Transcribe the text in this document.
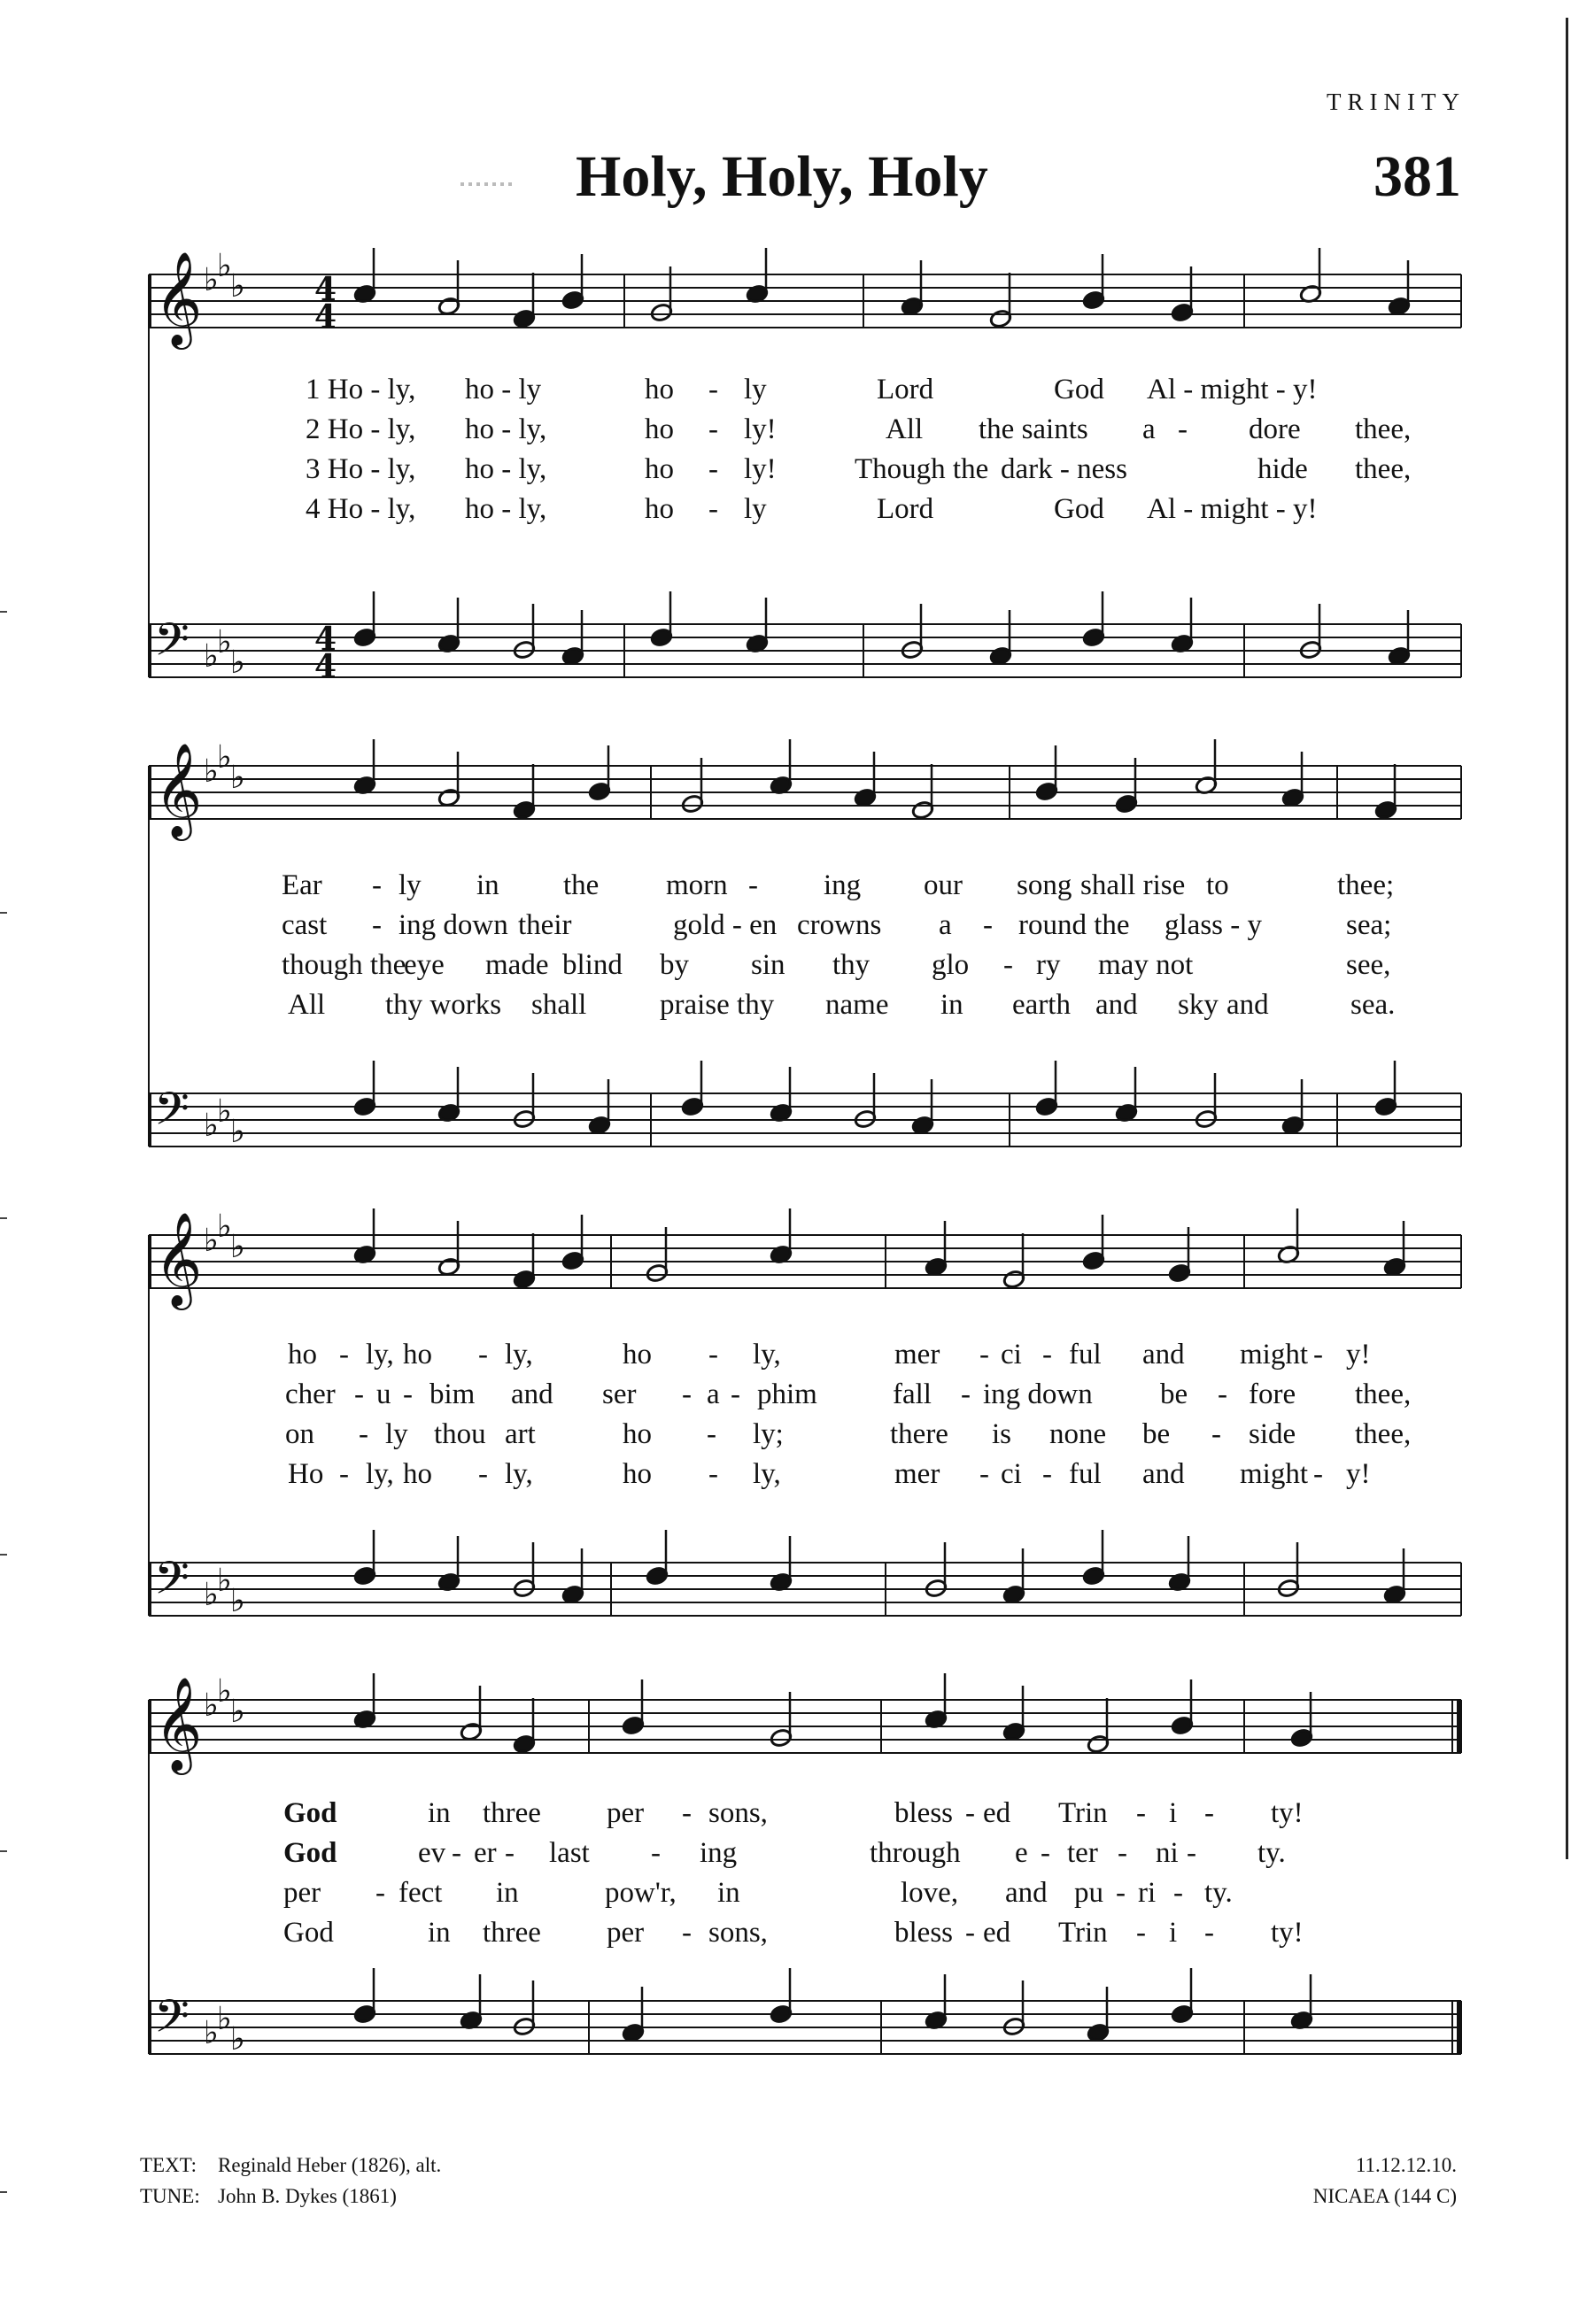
TRINITY
Holy, Holy, Holy	381
𝄞 ♭
♭
♭
𝄢 ♭
♭
♭
𝄞 ♭
♭
♭
𝄢 ♭
♭
♭
𝄞 ♭
♭
♭
𝄢 ♭
♭
♭
𝄞 ♭
♭
♭
𝄢 ♭
♭
♭
4
4
4
4
1 Ho - ly, ho - ly	ho - ly	Lord	God Al - might - y!
2 Ho - ly, ho - ly,	ho - ly!	All the saints a - dore thee,
3 Ho - ly, ho - ly,	ho - ly!	Though the dark - ness	hide thee,
4 Ho - ly, ho - ly,	ho - ly	Lord	God Al - might - y!
Ear - ly in the morn - ing our song shall rise to	thee;
cast - ing down their	gold - en crowns a - round the glass - y	sea;
though the
eye made blind by sin thy glo - ry may not	see,
All thy works shall	praise thy name in earth and sky and	sea.
ho - ly, ho - ly,	ho - ly,	mer - ci - ful and might - y!
cher - u - bim and ser - a - phim	fall - ing down be - fore thee,
on - ly thou art	ho - ly;	there is none be - side thee,
Ho - ly, ho - ly,	ho - ly,	mer - ci - ful and might - y!
God	in three per - sons,	bless - ed Trin - i - ty!
God	ev - er - last - ing	through e - ter - ni - ty.
per - fect in	pow'r, in	love, and pu - ri - ty.
God	in three per - sons,	bless - ed Trin - i - ty!
TEXT: Reginald Heber (1826), alt.
TUNE: John B. Dykes (1861)
11.12.12.10.
NICAEA (144 C)
